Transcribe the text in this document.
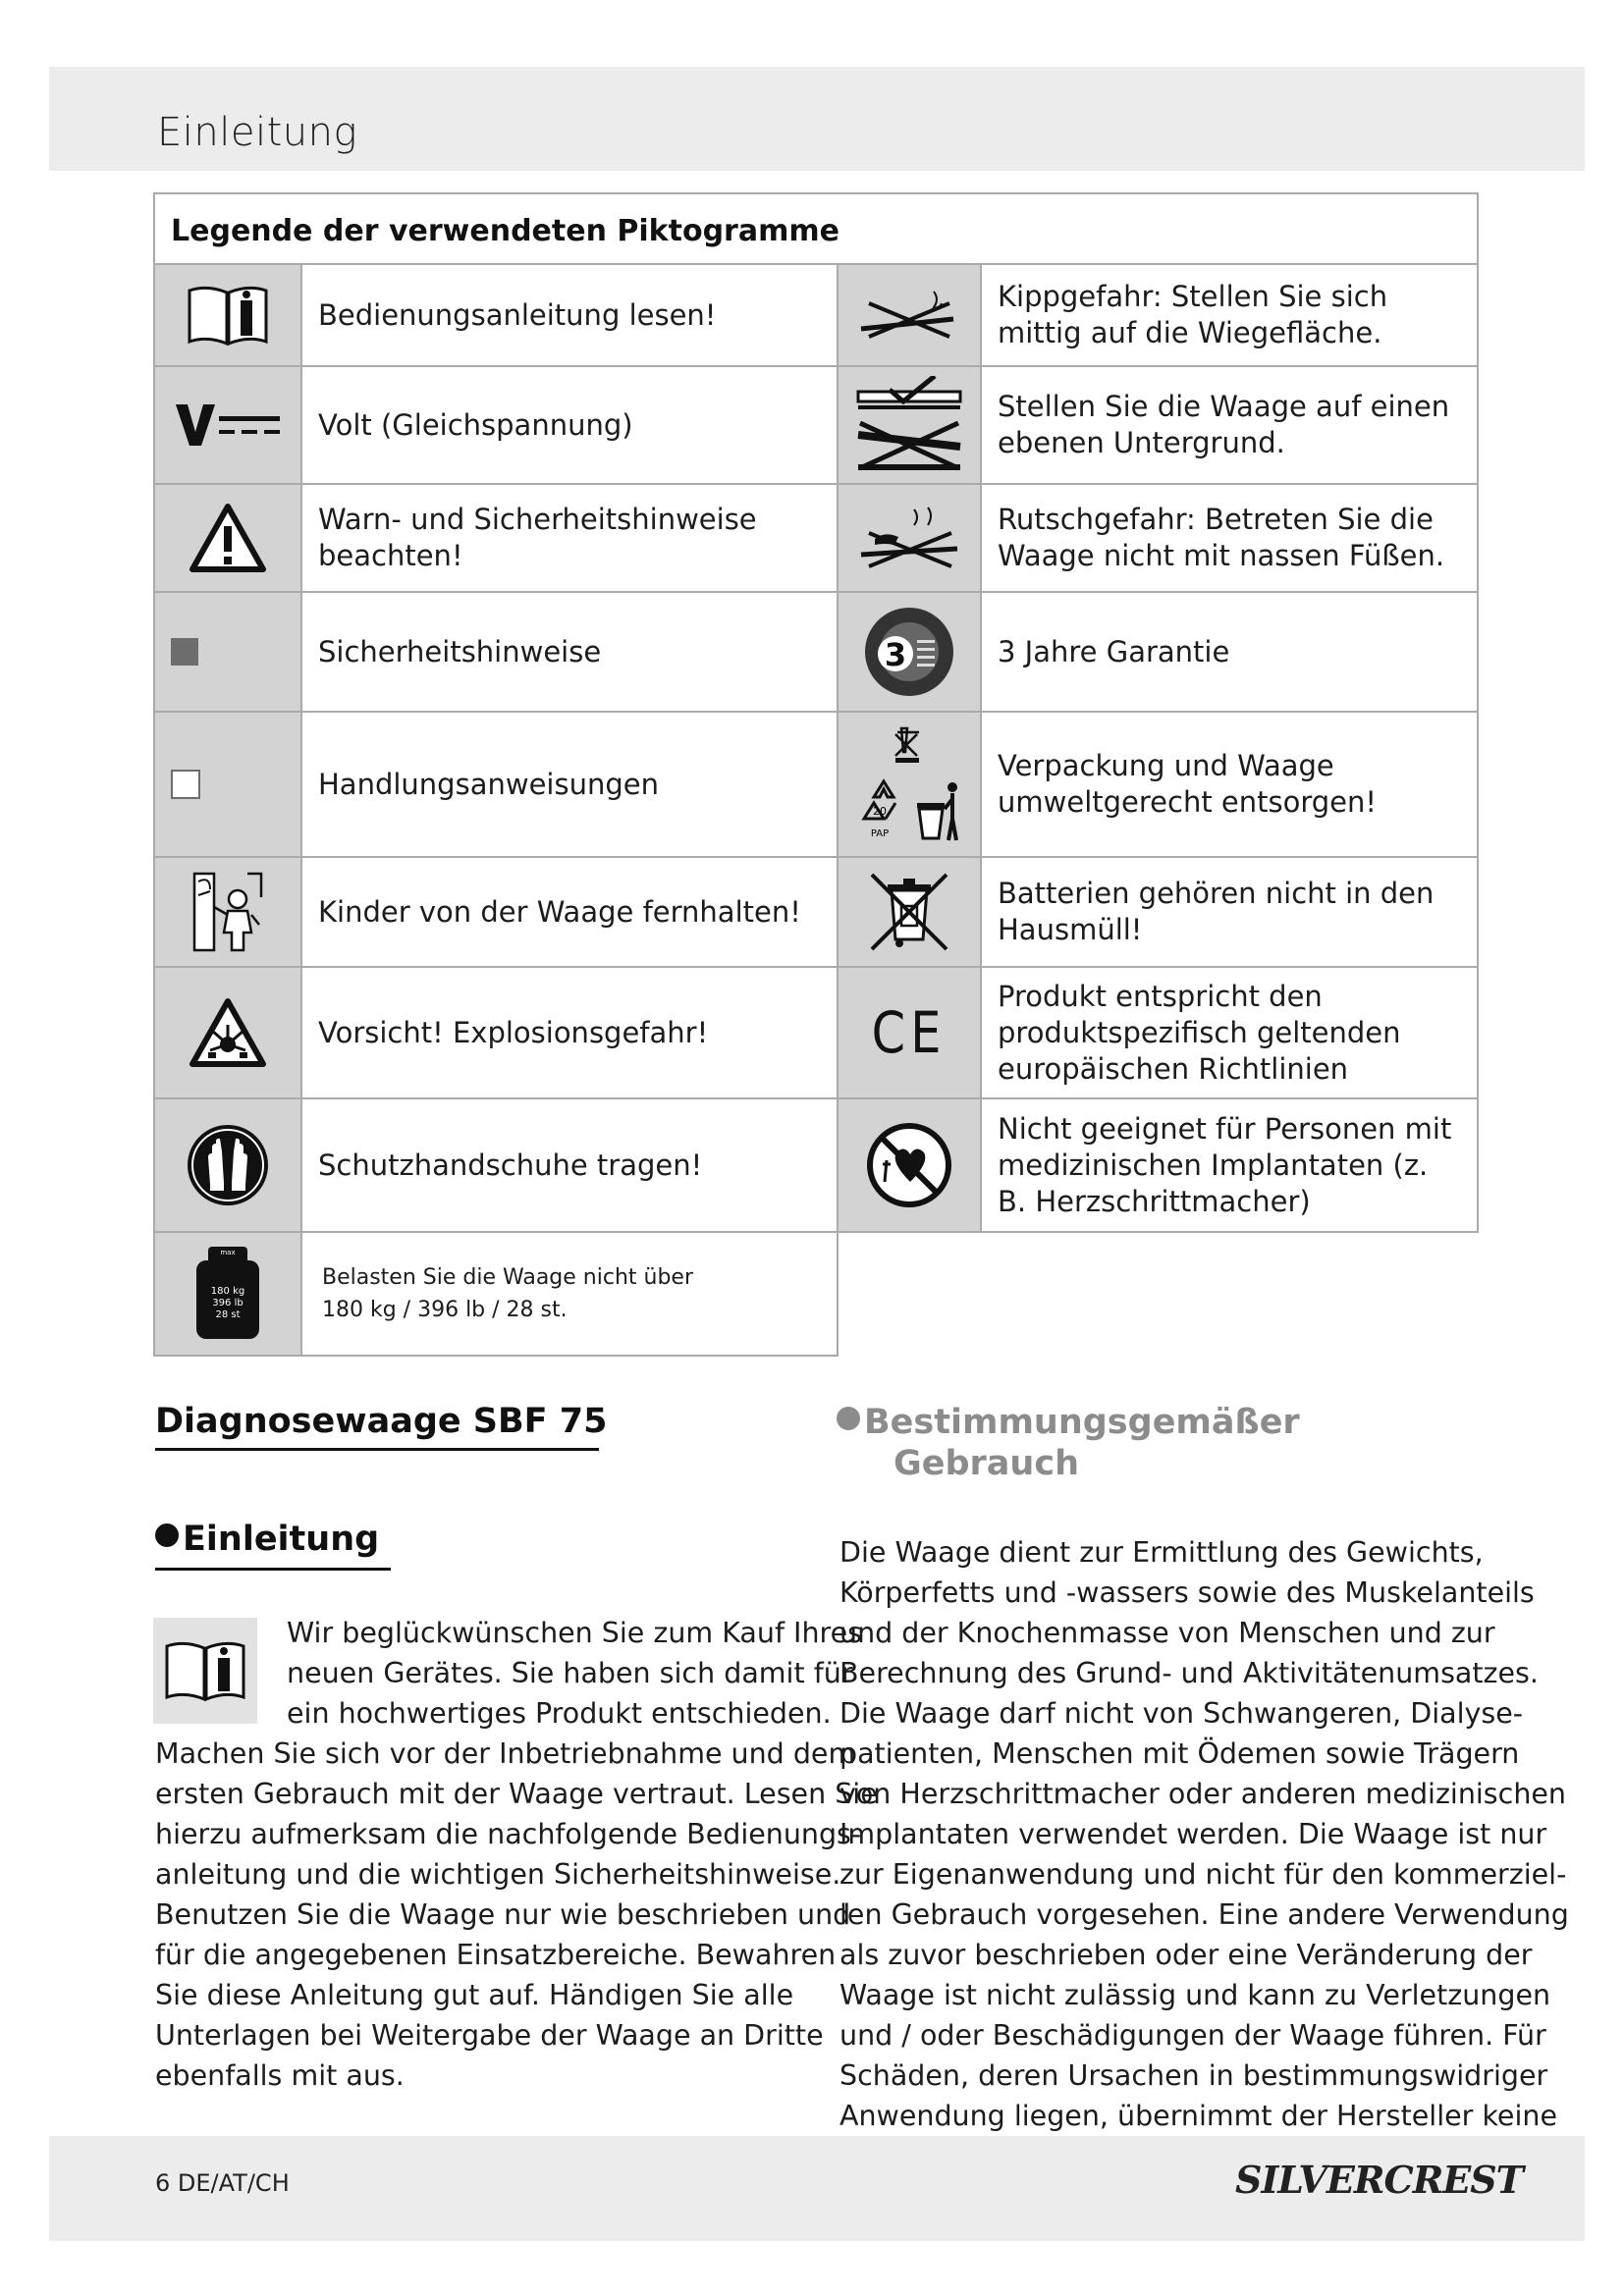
Einleitung
Legende der verwendeten Piktogramme
Bedienungsanleitung lesen!
Volt (Gleichspannung)
Warn- und Sicherheitshinweise beachten!
Sicherheitshinweise
Handlungsanweisungen
Kinder von der Waage fernhalten!
Vorsicht! Explosionsgefahr!
Schutzhandschuhe tragen!
max
180 kg
396 lb
28 st
Belasten Sie die Waage nicht über 180 kg / 396 lb / 28 st.
Kippgefahr: Stellen Sie sich mittig auf die Wiegefläche.
Stellen Sie die Waage auf einen ebenen Untergrund.
Rutschgefahr: Betreten Sie die Waage nicht mit nassen Füßen.
3	3 Jahre Garantie
20
PAP
Verpackung und Waage umweltgerecht entsorgen!
Batterien gehören nicht in den Hausmüll!
CE
Produkt entspricht den produktspezifisch geltenden europäischen Richtlinien
Nicht geeignet für Personen mit medizinischen Implantaten (z. B. Herzschrittmacher)
Diagnosewaage SBF 75
Einleitung
Wir beglückwünschen Sie zum Kauf Ihres
neuen Gerätes. Sie haben sich damit für
ein hochwertiges Produkt entschieden.
Machen Sie sich vor der Inbetriebnahme und dem
ersten Gebrauch mit der Waage vertraut. Lesen Sie
hierzu aufmerksam die nachfolgende Bedienungs-
anleitung und die wichtigen Sicherheitshinweise.
Benutzen Sie die Waage nur wie beschrieben und
für die angegebenen Einsatzbereiche. Bewahren
Sie diese Anleitung gut auf. Händigen Sie alle
Unterlagen bei Weitergabe der Waage an Dritte
ebenfalls mit aus.
Bestimmungsgemäßer
Gebrauch
Die Waage dient zur Ermittlung des Gewichts,
Körperfetts und -wassers sowie des Muskelanteils
und der Knochenmasse von Menschen und zur
Berechnung des Grund- und Aktivitätenumsatzes.
Die Waage darf nicht von Schwangeren, Dialyse-
patienten, Menschen mit Ödemen sowie Trägern
von Herzschrittmacher oder anderen medizinischen
Implantaten verwendet werden. Die Waage ist nur
zur Eigenanwendung und nicht für den kommerziel-
len Gebrauch vorgesehen. Eine andere Verwendung
als zuvor beschrieben oder eine Veränderung der
Waage ist nicht zulässig und kann zu Verletzungen
und / oder Beschädigungen der Waage führen. Für
Schäden, deren Ursachen in bestimmungswidriger
Anwendung liegen, übernimmt der Hersteller keine
6 DE/AT/CH	SILVERCREST
